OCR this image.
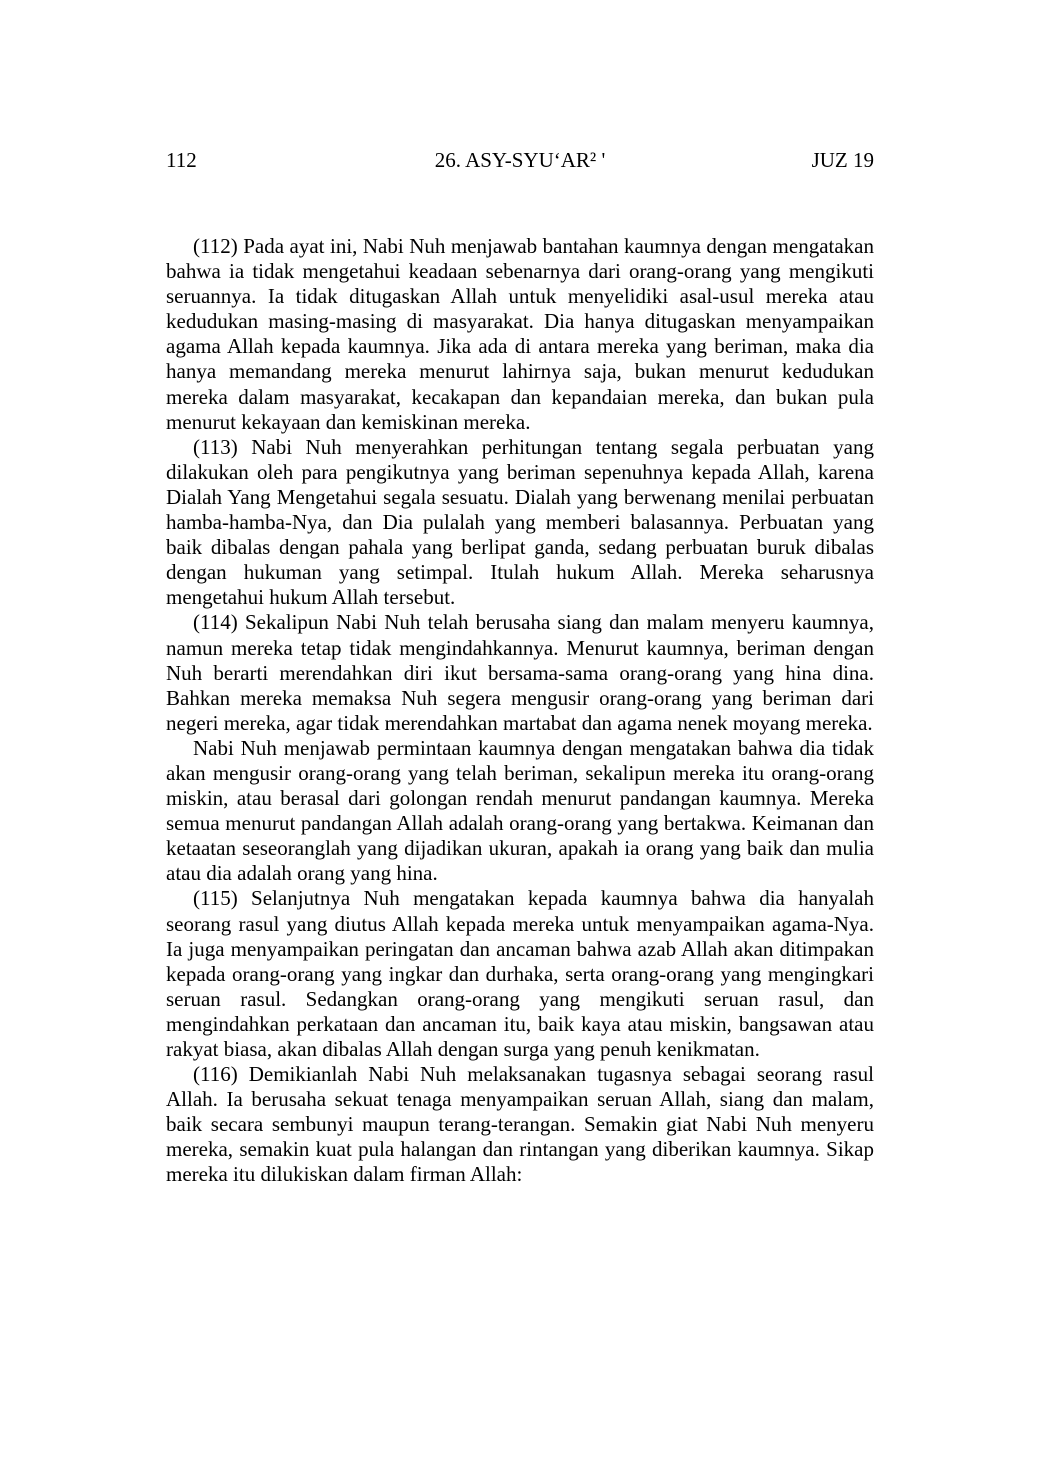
26. ASY-SYU‘AR² '
112	JUZ 19

(112) Pada ayat ini, Nabi Nuh menjawab bantahan kaumnya dengan mengatakan bahwa ia tidak mengetahui keadaan sebenarnya dari orang-orang yang mengikuti seruannya. Ia tidak ditugaskan Allah untuk menyelidiki asal-usul mereka atau kedudukan masing-masing di masyarakat. Dia hanya ditugaskan menyampaikan agama Allah kepada kaumnya. Jika ada di antara mereka yang beriman, maka dia hanya memandang mereka menurut lahirnya saja, bukan menurut kedudukan mereka dalam masyarakat, kecakapan dan kepandaian mereka, dan bukan pula menurut kekayaan dan kemiskinan mereka.

(113) Nabi Nuh menyerahkan perhitungan tentang segala perbuatan yang dilakukan oleh para pengikutnya yang beriman sepenuhnya kepada Allah, karena Dialah Yang Mengetahui segala sesuatu. Dialah yang berwenang menilai perbuatan hamba-hamba-Nya, dan Dia pulalah yang memberi balasannya. Perbuatan yang baik dibalas dengan pahala yang berlipat ganda, sedang perbuatan buruk dibalas dengan hukuman yang setimpal. Itulah hukum Allah. Mereka seharusnya mengetahui hukum Allah tersebut.

(114) Sekalipun Nabi Nuh telah berusaha siang dan malam menyeru kaumnya, namun mereka tetap tidak mengindahkannya. Menurut kaumnya, beriman dengan Nuh berarti merendahkan diri ikut bersama-sama orang-orang yang hina dina. Bahkan mereka memaksa Nuh segera mengusir orang-orang yang beriman dari negeri mereka, agar tidak merendahkan martabat dan agama nenek moyang mereka.

Nabi Nuh menjawab permintaan kaumnya dengan mengatakan bahwa dia tidak akan mengusir orang-orang yang telah beriman, sekalipun mereka itu orang-orang miskin, atau berasal dari golongan rendah menurut pandangan kaumnya. Mereka semua menurut pandangan Allah adalah orang-orang yang bertakwa. Keimanan dan ketaatan seseoranglah yang dijadikan ukuran, apakah ia orang yang baik dan mulia atau dia adalah orang yang hina.

(115) Selanjutnya Nuh mengatakan kepada kaumnya bahwa dia hanyalah seorang rasul yang diutus Allah kepada mereka untuk menyampaikan agama-Nya. Ia juga menyampaikan peringatan dan ancaman bahwa azab Allah akan ditimpakan kepada orang-orang yang ingkar dan durhaka, serta orang-orang yang mengingkari seruan rasul. Sedangkan orang-orang yang mengikuti seruan rasul, dan mengindahkan perkataan dan ancaman itu, baik kaya atau miskin, bangsawan atau rakyat biasa, akan dibalas Allah dengan surga yang penuh kenikmatan.

(116) Demikianlah Nabi Nuh melaksanakan tugasnya sebagai seorang rasul Allah. Ia berusaha sekuat tenaga menyampaikan seruan Allah, siang dan malam, baik secara sembunyi maupun terang-terangan. Semakin giat Nabi Nuh menyeru mereka, semakin kuat pula halangan dan rintangan yang diberikan kaumnya. Sikap mereka itu dilukiskan dalam firman Allah:
